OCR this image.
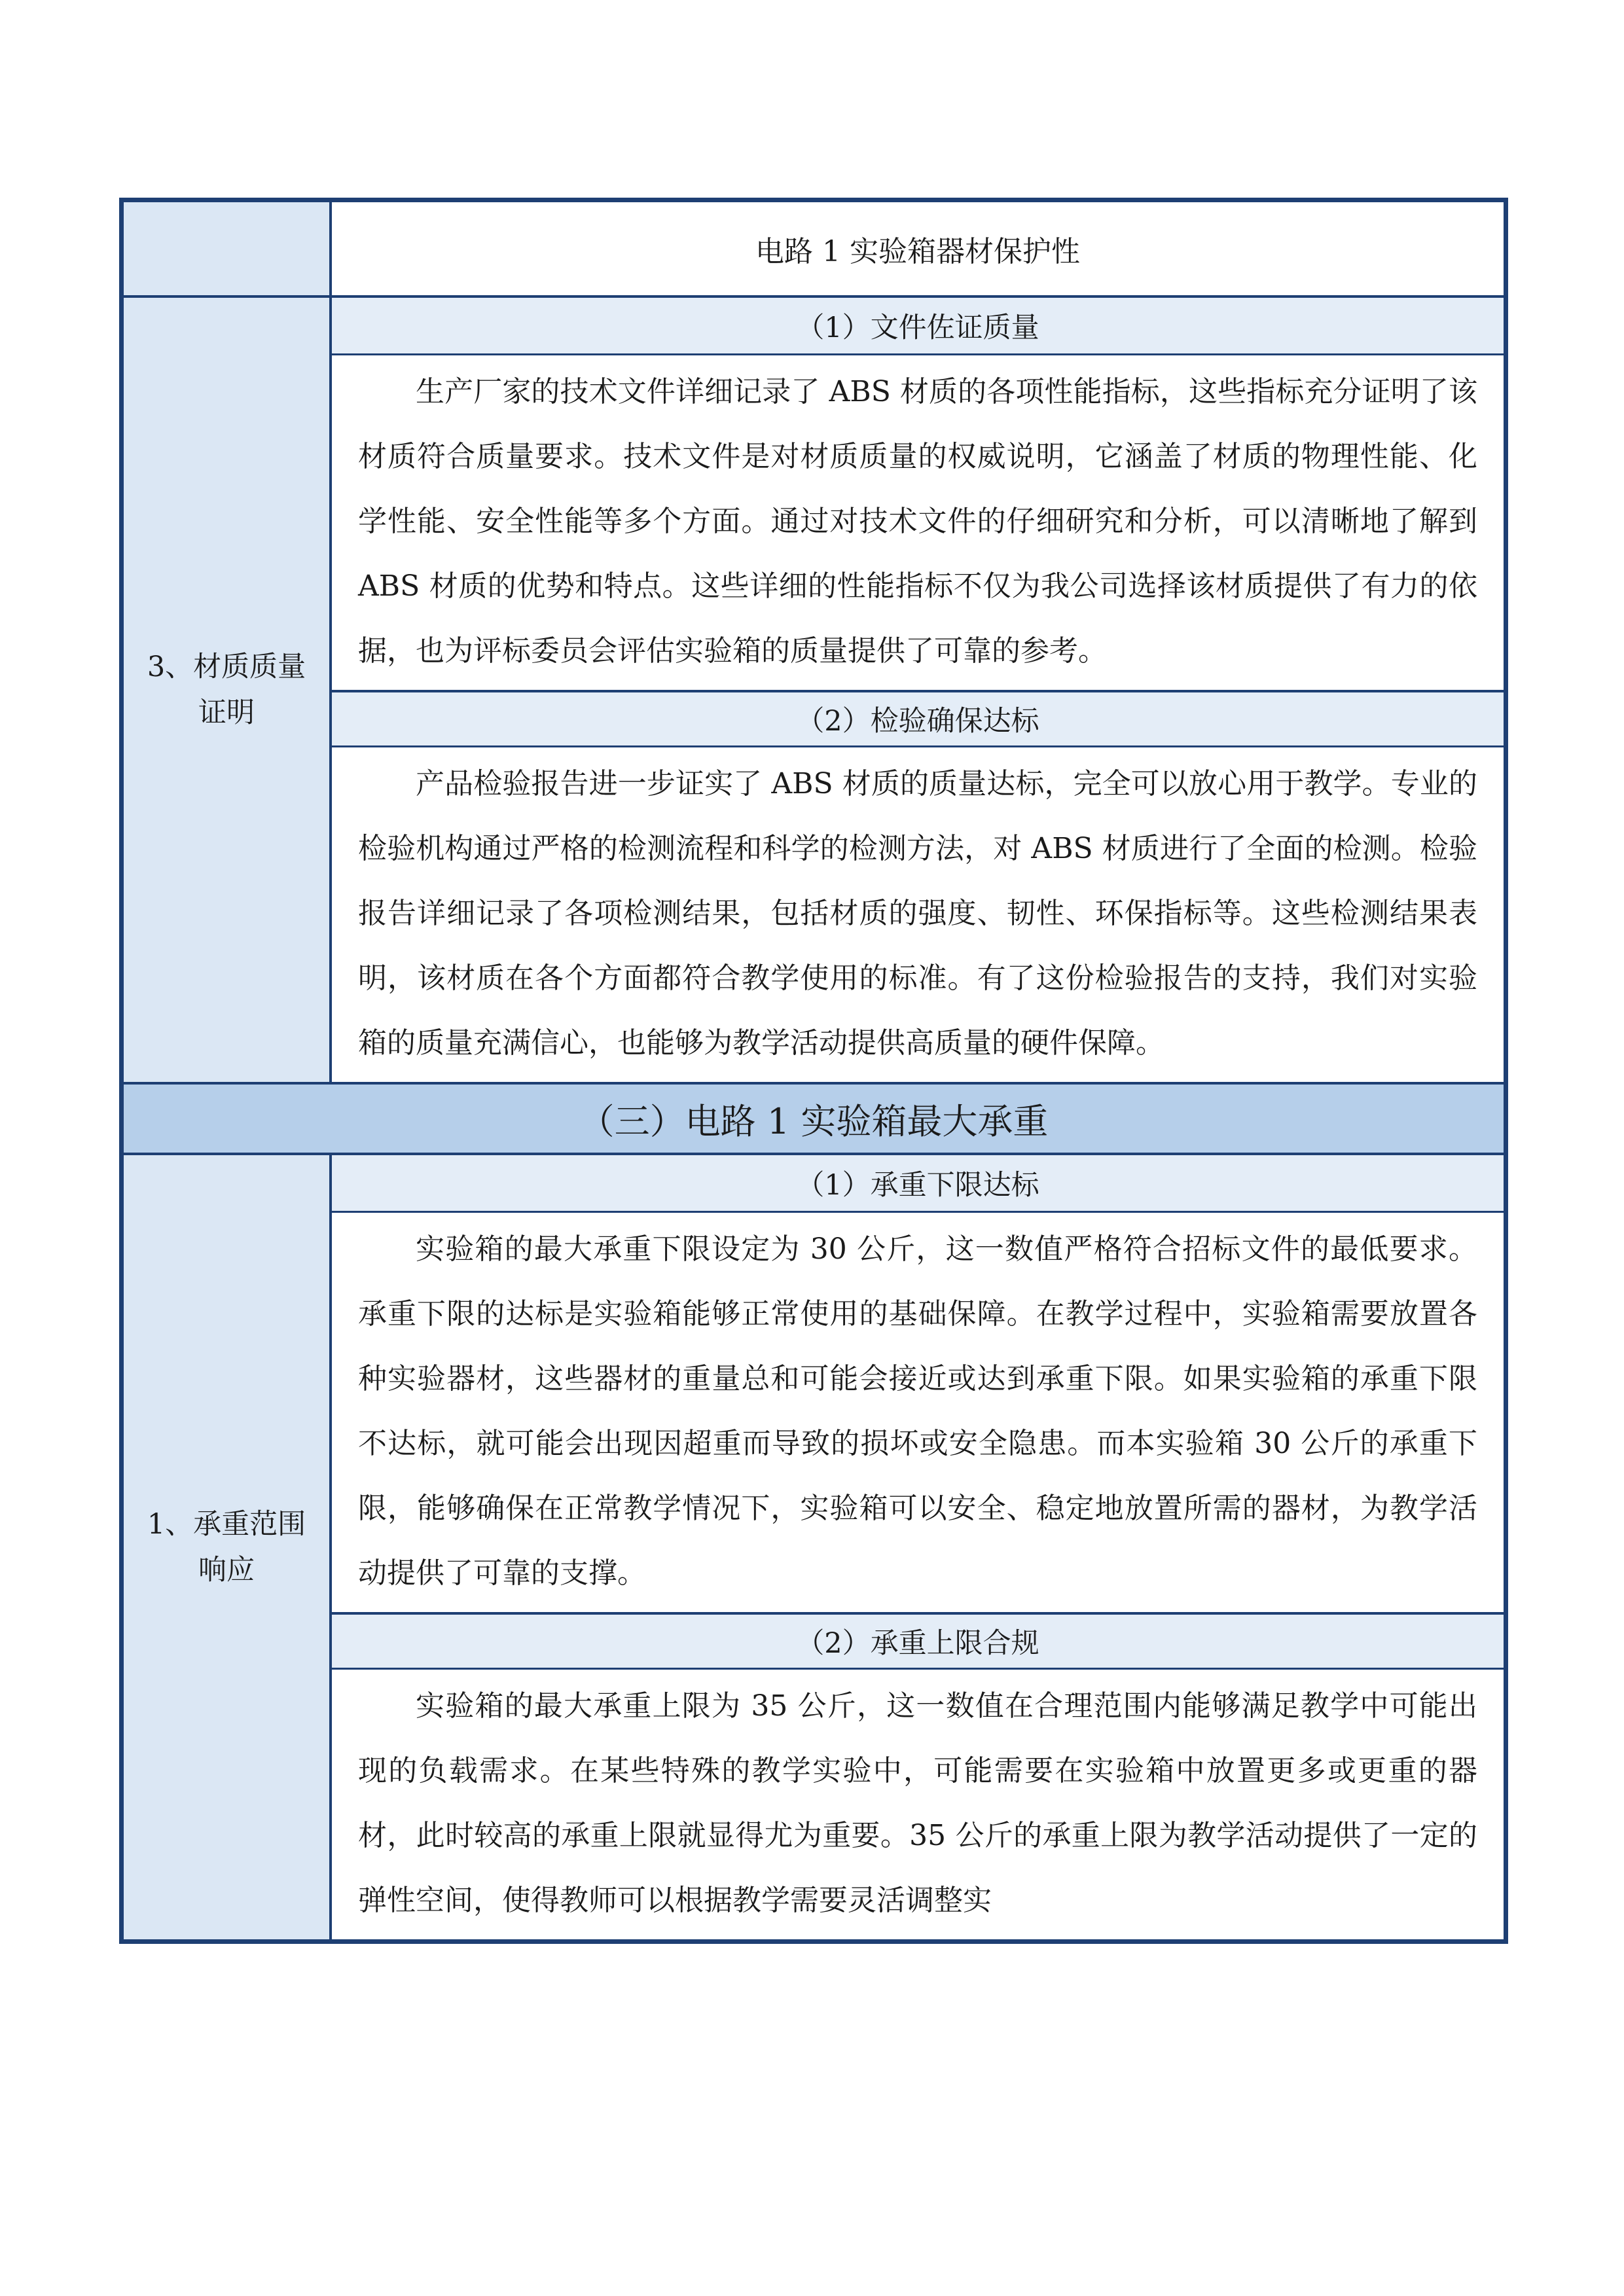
电路 1 实验箱器材保护性
3、材质质量证明
（1）文件佐证质量
生产厂家的技术文件详细记录了 ABS 材质的各项性能指标，这些指标充分证明了该材质符合质量要求。技术文件是对材质质量的权威说明，它涵盖了材质的物理性能、化学性能、安全性能等多个方面。通过对技术文件的仔细研究和分析，可以清晰地了解到 ABS 材质的优势和特点。这些详细的性能指标不仅为我公司选择该材质提供了有力的依据，也为评标委员会评估实验箱的质量提供了可靠的参考。
（2）检验确保达标
产品检验报告进一步证实了 ABS 材质的质量达标，完全可以放心用于教学。专业的检验机构通过严格的检测流程和科学的检测方法，对 ABS 材质进行了全面的检测。检验报告详细记录了各项检测结果，包括材质的强度、韧性、环保指标等。这些检测结果表明，该材质在各个方面都符合教学使用的标准。有了这份检验报告的支持，我们对实验箱的质量充满信心，也能够为教学活动提供高质量的硬件保障。
（三）电路 1 实验箱最大承重
1、承重范围响应
（1）承重下限达标
实验箱的最大承重下限设定为 30 公斤，这一数值严格符合招标文件的最低要求。承重下限的达标是实验箱能够正常使用的基础保障。在教学过程中，实验箱需要放置各种实验器材，这些器材的重量总和可能会接近或达到承重下限。如果实验箱的承重下限不达标，就可能会出现因超重而导致的损坏或安全隐患。而本实验箱 30 公斤的承重下限，能够确保在正常教学情况下，实验箱可以安全、稳定地放置所需的器材，为教学活动提供了可靠的支撑。
（2）承重上限合规
实验箱的最大承重上限为 35 公斤，这一数值在合理范围内能够满足教学中可能出现的负载需求。在某些特殊的教学实验中，可能需要在实验箱中放置更多或更重的器材，此时较高的承重上限就显得尤为重要。35 公斤的承重上限为教学活动提供了一定的弹性空间，使得教师可以根据教学需要灵活调整实
